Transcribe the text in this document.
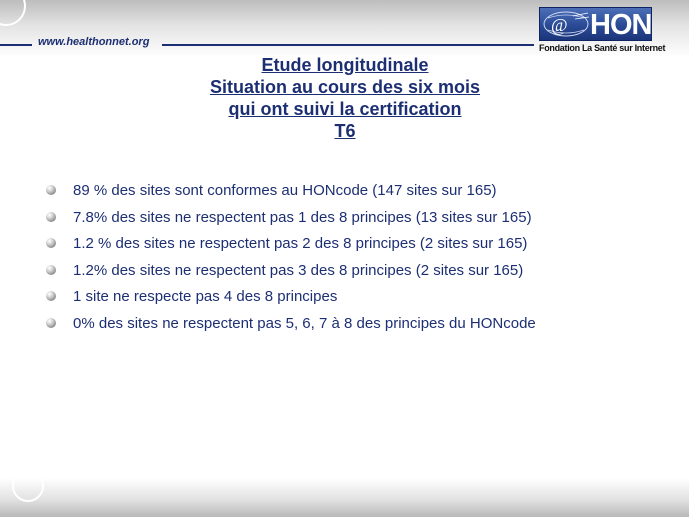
www.healthonnet.org
@ HON
Fondation La Santé sur Internet
Etude longitudinale
Situation au cours des six mois
qui ont suivi la certification
T6
89 % des sites sont conformes au HONcode (147 sites sur 165)
7.8% des sites ne respectent pas 1 des 8 principes (13 sites sur 165)
1.2 % des sites ne respectent pas 2 des 8 principes (2 sites sur 165)
1.2% des sites ne respectent pas 3 des 8 principes (2 sites sur 165)
1 site ne respecte pas 4 des 8 principes
0% des sites ne respectent pas 5, 6, 7 à 8 des principes du HONcode
